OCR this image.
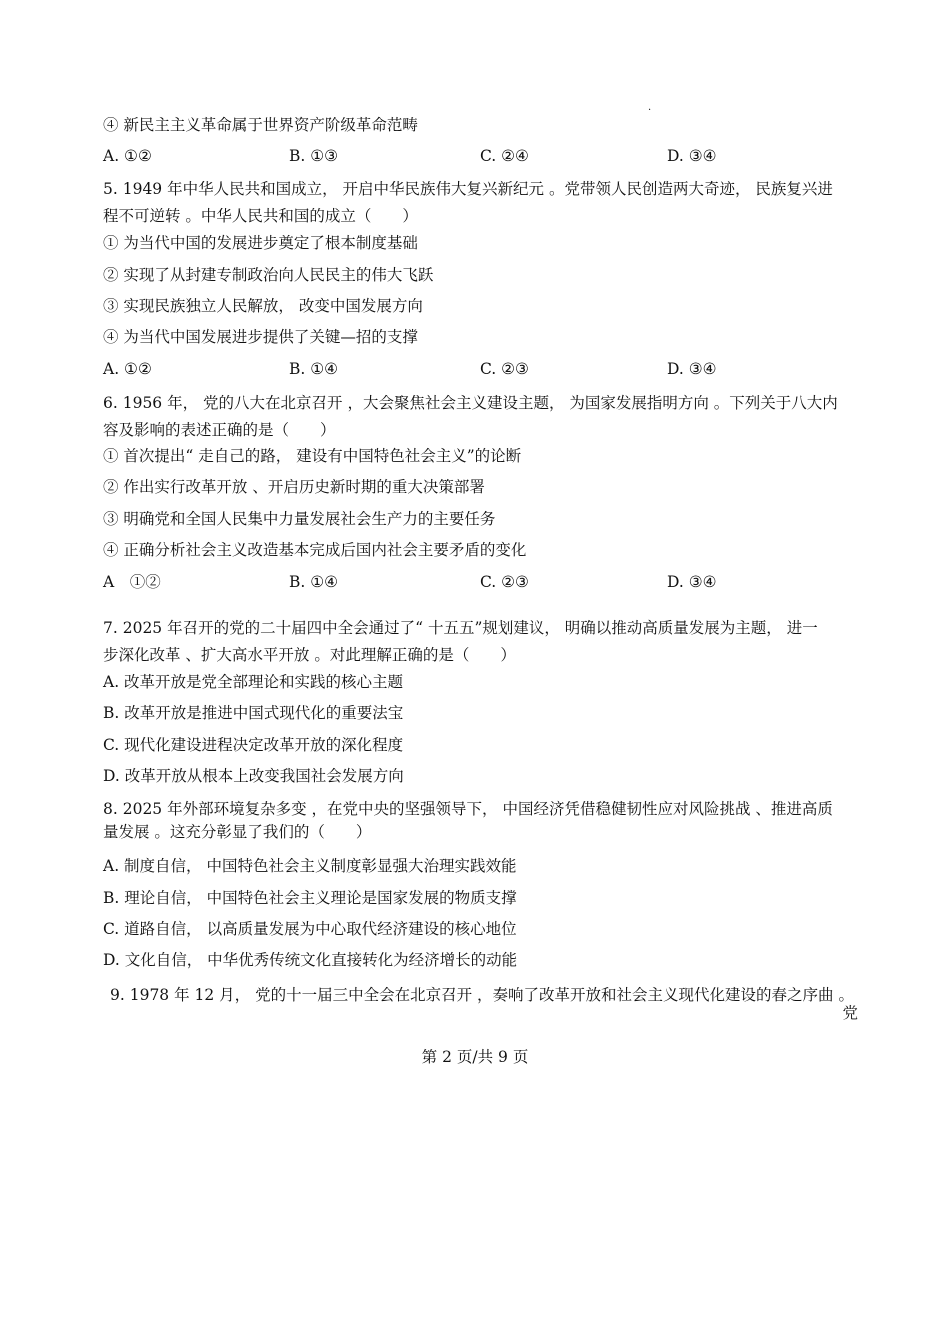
.
④ 新民主主义革命属于世界资产阶级革命范畴
A. ①②	B. ①③	C. ②④	D. ③④
5. 1949 年中华人民共和国成立， 开启中华民族伟大复兴新纪元 。党带领人民创造两大奇迹， 民族复兴进
程不可逆转 。中华人民共和国的成立（　　）
① 为当代中国的发展进步奠定了根本制度基础
② 实现了从封建专制政治向人民民主的伟大飞跃
③ 实现民族独立人民解放， 改变中国发展方向
④ 为当代中国发展进步提供了关键—招的支撑
A. ①②	B. ①④	C. ②③	D. ③④
6. 1956 年， 党的八大在北京召开 ，大会聚焦社会主义建设主题， 为国家发展指明方向 。下列关于八大内
容及影响的表述正确的是（　　）
① 首次提出“ 走自己的路， 建设有中国特色社会主义”的论断
② 作出实行改革开放 、开启历史新时期的重大决策部署
③ 明确党和全国人民集中力量发展社会生产力的主要任务
④ 正确分析社会主义改造基本完成后国内社会主要矛盾的变化
A　①②	B. ①④	C. ②③	D. ③④
7. 2025 年召开的党的二十届四中全会通过了“ 十五五”规划建议， 明确以推动高质量发展为主题， 进一
步深化改革 、扩大高水平开放 。对此理解正确的是（　　）
A. 改革开放是党全部理论和实践的核心主题
B. 改革开放是推进中国式现代化的重要法宝
C. 现代化建设进程决定改革开放的深化程度
D. 改革开放从根本上改变我国社会发展方向
8. 2025 年外部环境复杂多变 ，在党中央的坚强领导下， 中国经济凭借稳健韧性应对风险挑战 、推进高质
量发展 。这充分彰显了我们的（　　）
A. 制度自信， 中国特色社会主义制度彰显强大治理实践效能
B. 理论自信， 中国特色社会主义理论是国家发展的物质支撑
C. 道路自信， 以高质量发展为中心取代经济建设的核心地位
D. 文化自信， 中华优秀传统文化直接转化为经济增长的动能
9. 1978 年 12 月， 党的十一届三中全会在北京召开 ，奏响了改革开放和社会主义现代化建设的春之序曲 。
党
第 2 页/共 9 页
